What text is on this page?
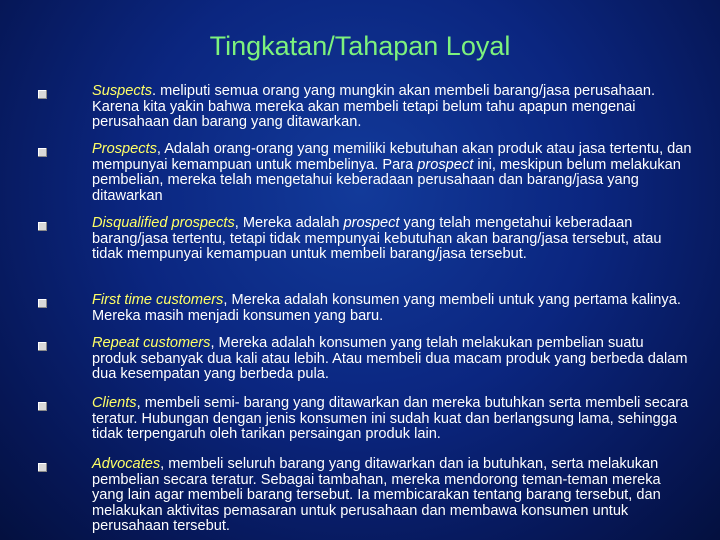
Tingkatan/Tahapan Loyal
Suspects. meliputi semua orang yang mungkin akan membeli barang/jasa perusahaan. Karena kita yakin bahwa mereka akan membeli tetapi belum tahu apapun mengenai perusahaan dan barang yang ditawarkan.
Prospects, Adalah orang-orang yang memiliki kebutuhan akan produk atau jasa tertentu, dan mempunyai kemampuan untuk membelinya. Para prospect ini, meskipun belum melakukan pembelian, mereka telah mengetahui keberadaan perusahaan dan barang/jasa yang ditawarkan
Disqualified prospects, Mereka adalah prospect yang telah mengetahui keberadaan barang/jasa tertentu, tetapi tidak mempunyai kebutuhan akan barang/jasa tersebut, atau tidak mempunyai kemampuan untuk membeli barang/jasa tersebut.
First time customers, Mereka adalah konsumen yang membeli untuk yang pertama kalinya. Mereka masih menjadi konsumen yang baru.
Repeat customers, Mereka adalah konsumen yang telah melakukan pembelian suatu produk sebanyak dua kali atau lebih. Atau membeli dua macam produk yang berbeda dalam dua kesempatan yang berbeda pula.
Clients, membeli semi- barang yang ditawarkan dan mereka butuhkan serta membeli secara teratur. Hubungan dengan jenis konsumen ini sudah kuat dan berlangsung lama, sehingga tidak terpengaruh oleh tarikan persaingan produk lain.
Advocates, membeli seluruh barang yang ditawarkan dan ia butuhkan, serta melakukan pembelian secara teratur. Sebagai tambahan, mereka mendorong teman-teman mereka yang lain agar membeli barang tersebut. Ia membicarakan tentang barang tersebut, dan melakukan aktivitas pemasaran untuk perusahaan dan membawa konsumen untuk perusahaan tersebut.
